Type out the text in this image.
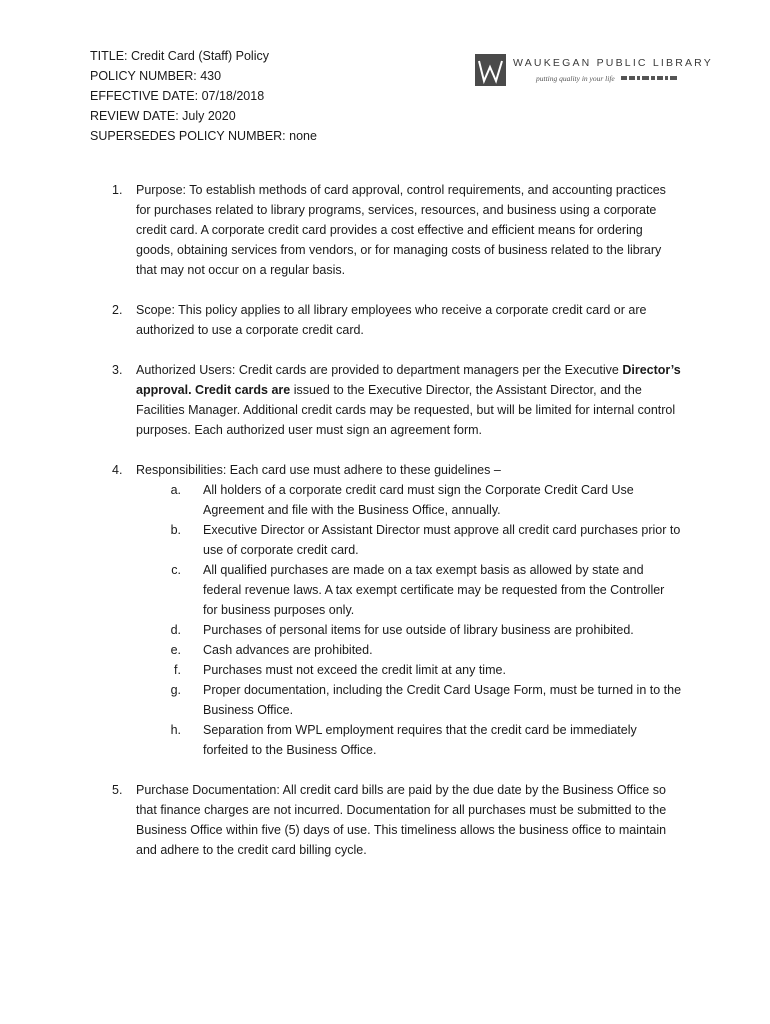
TITLE: Credit Card (Staff) Policy
POLICY NUMBER: 430
EFFECTIVE DATE: 07/18/2018
REVIEW DATE: July 2020
SUPERSEDES POLICY NUMBER: none
WAUKEGAN PUBLIC LIBRARY
putting quality in your life
1.	Purpose: To establish methods of card approval, control requirements, and accounting practices for purchases related to library programs, services, resources, and business using a corporate credit card. A corporate credit card provides a cost effective and efficient means for ordering goods, obtaining services from vendors, or for managing costs of business related to the library that may not occur on a regular basis.
2.	Scope: This policy applies to all library employees who receive a corporate credit card or are authorized to use a corporate credit card.
3.	Authorized Users: Credit cards are provided to department managers per the Executive Director’s approval. Credit cards are issued to the Executive Director, the Assistant Director, and the Facilities Manager. Additional credit cards may be requested, but will be limited for internal control purposes. Each authorized user must sign an agreement form.
4.	Responsibilities: Each card use must adhere to these guidelines –
a. All holders of a corporate credit card must sign the Corporate Credit Card Use Agreement and file with the Business Office, annually.
b. Executive Director or Assistant Director must approve all credit card purchases prior to use of corporate credit card.
c. All qualified purchases are made on a tax exempt basis as allowed by state and federal revenue laws. A tax exempt certificate may be requested from the Controller for business purposes only.
d. Purchases of personal items for use outside of library business are prohibited.
e. Cash advances are prohibited.
f. Purchases must not exceed the credit limit at any time.
g. Proper documentation, including the Credit Card Usage Form, must be turned in to the Business Office.
h. Separation from WPL employment requires that the credit card be immediately forfeited to the Business Office.
5.	Purchase Documentation: All credit card bills are paid by the due date by the Business Office so that finance charges are not incurred. Documentation for all purchases must be submitted to the Business Office within five (5) days of use. This timeliness allows the business office to maintain and adhere to the credit card billing cycle.
